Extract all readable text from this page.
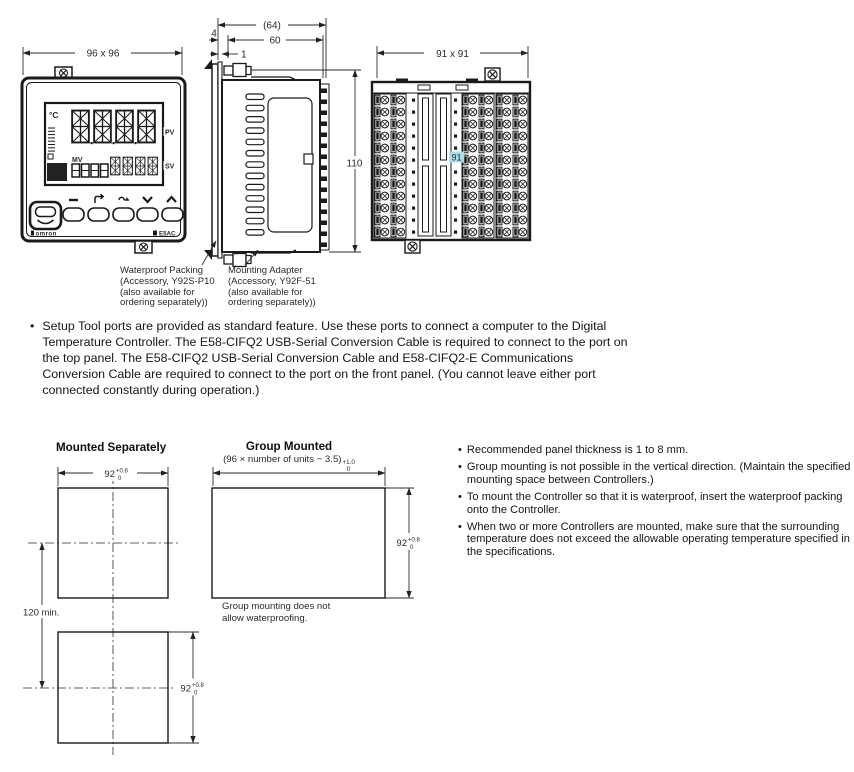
96 x 96
°C
PV
MV
SV
omron	E5AC
(64)
60
4
1
110
91 x 91
91
Waterproof Packing
(Accessory, Y92S-P10
(also available for
ordering separately))
Mounting Adapter
(Accessory, Y92F-51
(also available for
ordering separately))
• Setup Tool ports are provided as standard feature. Use these ports to connect a computer to the Digital Temperature Controller. The E58-CIFQ2 USB-Serial Conversion Cable is required to connect to the port on the top panel. The E58-CIFQ2 USB-Serial Conversion Cable and E58-CIFQ2-E Communications Conversion Cable are required to connect to the port on the front panel. (You cannot leave either port connected constantly during operation.)
Mounted Separately
92 +0.8
0
120 min.
92 +0.8
0
Group Mounted
(96 × number of units − 3.5) +1.0
0
92 +0.8
0
Group mounting does not
allow waterproofing.
• Recommended panel thickness is 1 to 8 mm.
• Group mounting is not possible in the vertical direction. (Maintain the specified mounting space between Controllers.)
• To mount the Controller so that it is waterproof, insert the waterproof packing onto the Controller.
• When two or more Controllers are mounted, make sure that the surrounding temperature does not exceed the allowable operating temperature specified in the specifications.
